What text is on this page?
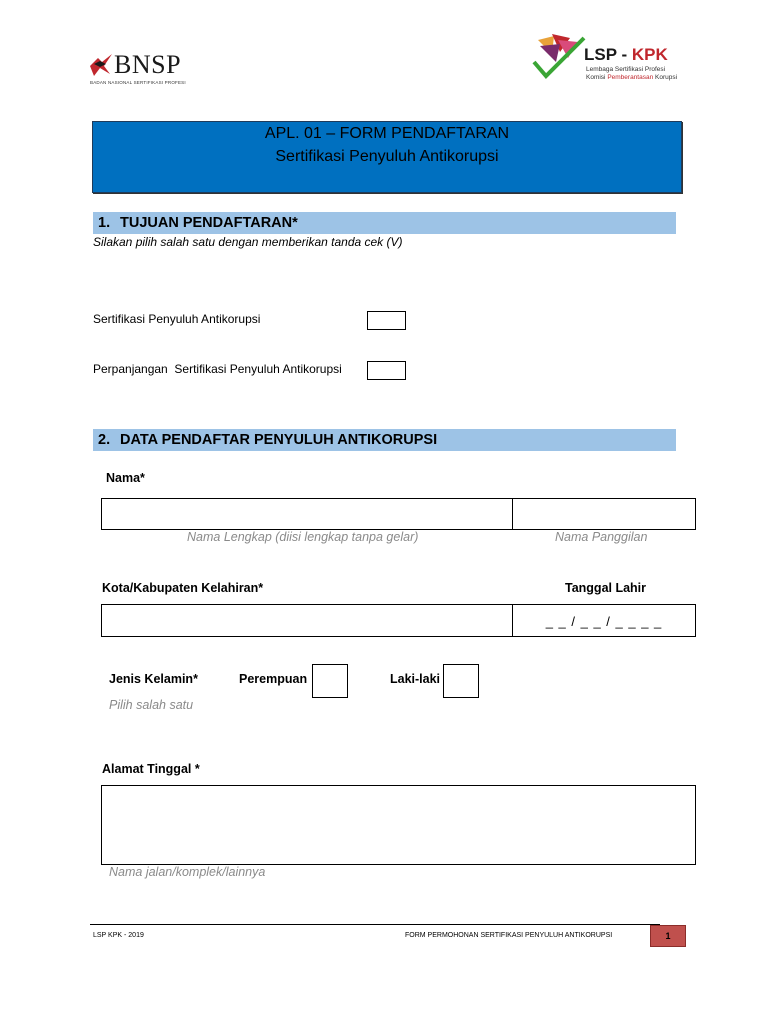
BNSP
BADAN NASIONAL SERTIFIKASI PROFESI
LSP - KPK
Lembaga Sertifikasi Profesi
Komisi Pemberantasan Korupsi
APL. 01 – FORM PENDAFTARAN
Sertifikasi Penyuluh Antikorupsi
1. TUJUAN PENDAFTARAN*
Silakan pilih salah satu dengan memberikan tanda cek (V)
Sertifikasi Penyuluh Antikorupsi
Perpanjangan  Sertifikasi Penyuluh Antikorupsi
2. DATA PENDAFTAR PENYULUH ANTIKORUPSI
Nama*
Nama Lengkap (diisi lengkap tanpa gelar)	Nama Panggilan
Kota/Kabupaten Kelahiran*	Tanggal Lahir
_ _ / _ _ / _ _ _ _
Jenis Kelamin*	Perempuan	Laki-laki
Pilih salah satu
Alamat Tinggal *
Nama jalan/komplek/lainnya
LSP KPK - 2019	FORM PERMOHONAN SERTIFIKASI PENYULUH ANTIKORUPSI	1
